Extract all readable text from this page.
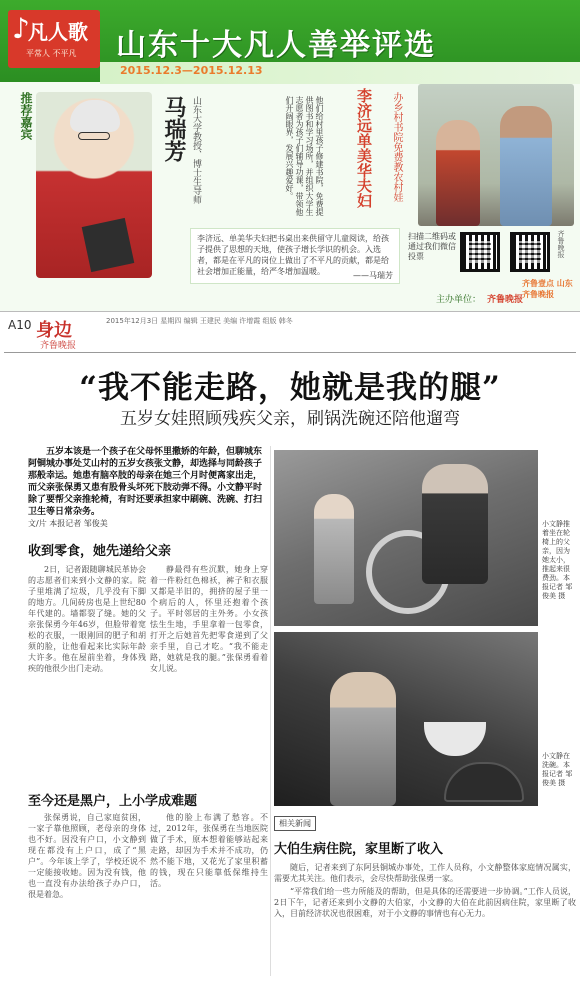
♪
凡人歌
平常人 不平凡 山东十大凡人善举评选
2015.12.3—2015.12.13
推荐嘉宾	马瑞芳 山东大学教授、博士生导师	他们给村里孩子修建书院，免费提供图书和学习场所，并组织大学生志愿者为孩子们辅导功课，带领他们开阔眼界，发展兴趣爱好。	李济远单美华夫妇 办乡村书院免费教农村娃
李济远、单美华夫妇把书桌出来供留守儿童阅读，给孩子提供了思想的天地，使孩子增长学识的机会。入选者，都是在平凡的岗位上做出了不平凡的贡献，都是给社会增加正能量，给严冬增加温暖。	——马瑞芳
扫描二维码或通过我们微信投票	齐鲁晚报
主办单位： 齐鲁晚报
齐鲁壹点 山东齐鲁晚报
A10 身边
齐鲁晚报
2015年12月3日 星期四 编辑 王建民 美编 许增霞 组版 韩冬
“我不能走路，她就是我的腿”
五岁女娃照顾残疾父亲，刷锅洗碗还陪他遛弯
五岁本该是一个孩子在父母怀里撒娇的年龄，但聊城东阿铜城办事处艾山村的五岁女孩张文静，却选择与同龄孩子那般幸运。她患有脑卒肢的母亲在她三个月时便离家出走，而父亲张保勇又患有股骨头坏死下肢动弹不得。小文静平时除了要帮父亲推轮椅，有时还要承担家中刷碗、洗碗、打扫卫生等日常杂务。
文/片 本报记者 邹俊美
收到零食，她先递给父亲
2日，记者跟随聊城民革协会的志愿者们来到小文静的家。院子里堆满了垃圾，几乎没有下脚的地方。几间砖房也是上世纪80年代建的。墙都裂了缝。她的父亲张保勇今年46岁，但脸带着宽松的衣服，一眼刚回的肥子和胡须的脸，让他看起来比实际年龄大许多。他在屋前坐着，身体残疾的他很少出门走动。
静最得有些沉默，她身上穿着一件粉红色棉袄，裤子和衣服又都是半旧的，拥挤的屋子里一个病后的人，怀里还抱着个孩子。平时邻居的主外务。小女孩怯生生地，手里拿着一包零食，打开之后她首先把零食递到了父亲手里，自己才吃。“我不能走路，她就是我的腿。”张保勇看着女儿说。
至今还是黑户，上小学成难题
张保勇说，自己家庭贫困，一家子靠他照顾，老母亲的身体也不好。因没有户口，小文静到现在都没有上户口，成了“黑户”。今年该上学了，学校还说不一定能接收她。因为没有钱，他也一直没有办法给孩子办户口，很是着急。
他的脸上布满了愁容。不过，2012年，张保勇在当地医院做了手术，原本想着能够站起来走路，却因为手术并不成功，仍然不能下地，又花光了家里积蓄的钱，现在只能靠低保维持生活。
小文静推着坐在轮椅上的父亲，因为她太小，推起来很费劲。本报记者 邹俊美 摄
小文静在洗碗。本报记者 邹俊美 摄
相关新闻
大伯生病住院，家里断了收入

随后，记者来到了东阿县铜城办事处，工作人员称，小文静整体家庭情况属实，需要尤其关注。他们表示，会尽快帮助张保勇一家。

“平常我们给一些力所能及的帮助，但是具体的还需要进一步协调。”工作人员说，2日下午，记者还来到小文静的大伯家，小文静的大伯在此前因病住院，家里断了收入，目前经济状况也很困难，对于小文静的事情也有心无力。
